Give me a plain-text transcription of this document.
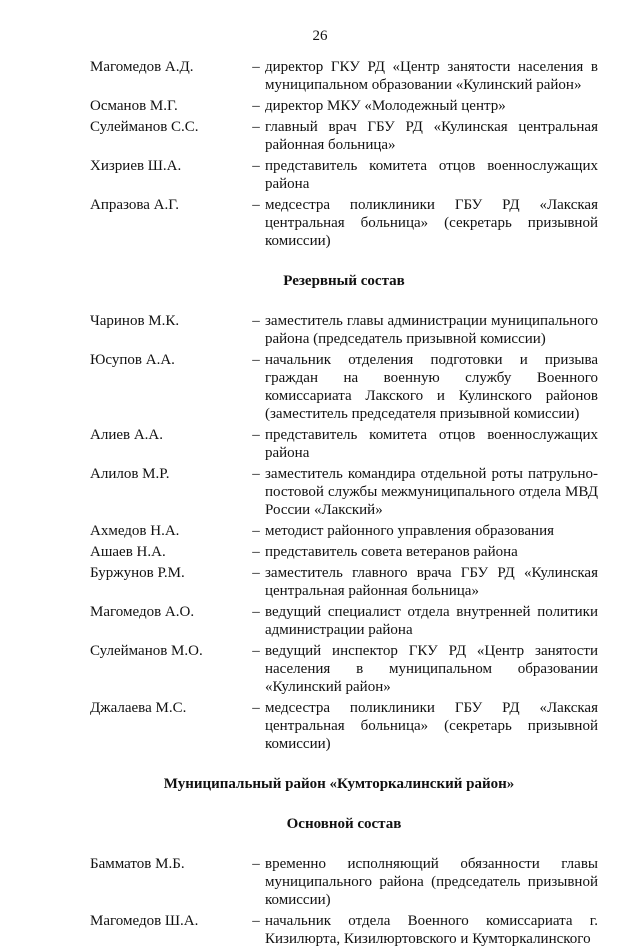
26
Магомедов А.Д.	– директор ГКУ РД «Центр занятости населения в муниципальном образовании «Кулинский район»
Османов М.Г.	– директор МКУ «Молодежный центр»
Сулейманов С.С.	– главный врач ГБУ РД «Кулинская центральная районная больница»
Хизриев Ш.А.	– представитель комитета отцов военнослужащих района
Апразова А.Г.	– медсестра поликлиники ГБУ РД «Лакская центральная больница» (секретарь призывной комиссии)
Резервный состав
Чаринов М.К.	– заместитель главы администрации муниципального района (председатель призывной комиссии)
Юсупов А.А.	– начальник отделения подготовки и призыва граждан на военную службу Военного комиссариата Лакского и Кулинского районов (заместитель председателя призывной комиссии)
Алиев А.А.	– представитель комитета отцов военнослужащих района
Алилов М.Р.	– заместитель командира отдельной роты патрульно-постовой службы межмуниципального отдела МВД России «Лакский»
Ахмедов Н.А.	– методист районного управления образования
Ашаев Н.А.	– представитель совета ветеранов района
Буржунов Р.М.	– заместитель главного врача ГБУ РД «Кулинская центральная районная больница»
Магомедов А.О.	– ведущий специалист отдела внутренней политики администрации района
Сулейманов М.О.	– ведущий инспектор ГКУ РД «Центр занятости населения в муниципальном образовании «Кулинский район»
Джалаева М.С.	– медсестра поликлиники ГБУ РД «Лакская центральная больница» (секретарь призывной комиссии)
Муниципальный район «Кумторкалинский район»
Основной состав
Бамматов М.Б.	– временно исполняющий обязанности главы муниципального района (председатель призывной комиссии)
Магомедов Ш.А.	– начальник отдела Военного комиссариата г. Кизилюрта, Кизилюртовского и Кумторкалинского
